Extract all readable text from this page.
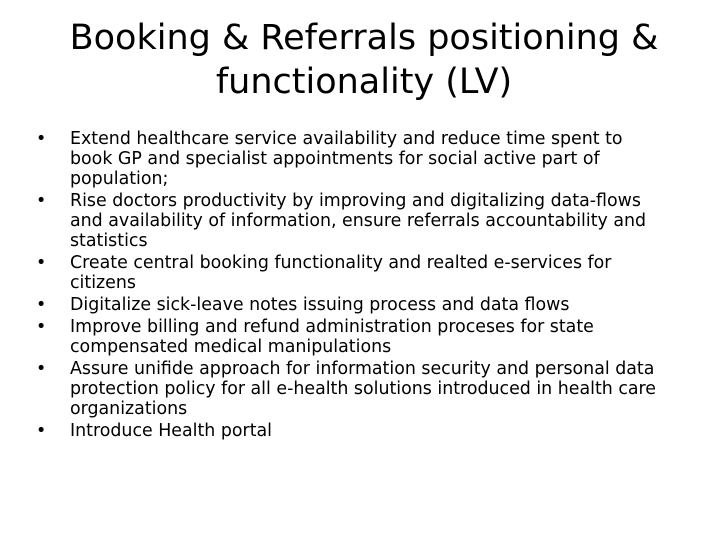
Booking & Referrals positioning &
functionality (LV)
•	Extend healthcare service availability and reduce time spent to
book GP and specialist appointments for social active part of
population;
•	Rise doctors productivity by improving and digitalizing data-flows
and availability of information, ensure referrals accountability and
statistics
•	Create central booking functionality and realted e-services for
citizens
•	Digitalize sick-leave notes issuing process and data flows
•	Improve billing and refund administration proceses for state
compensated medical manipulations
•	Assure unifide approach for information security and personal data
protection policy for all e-health solutions introduced in health care
organizations
•	Introduce Health portal
